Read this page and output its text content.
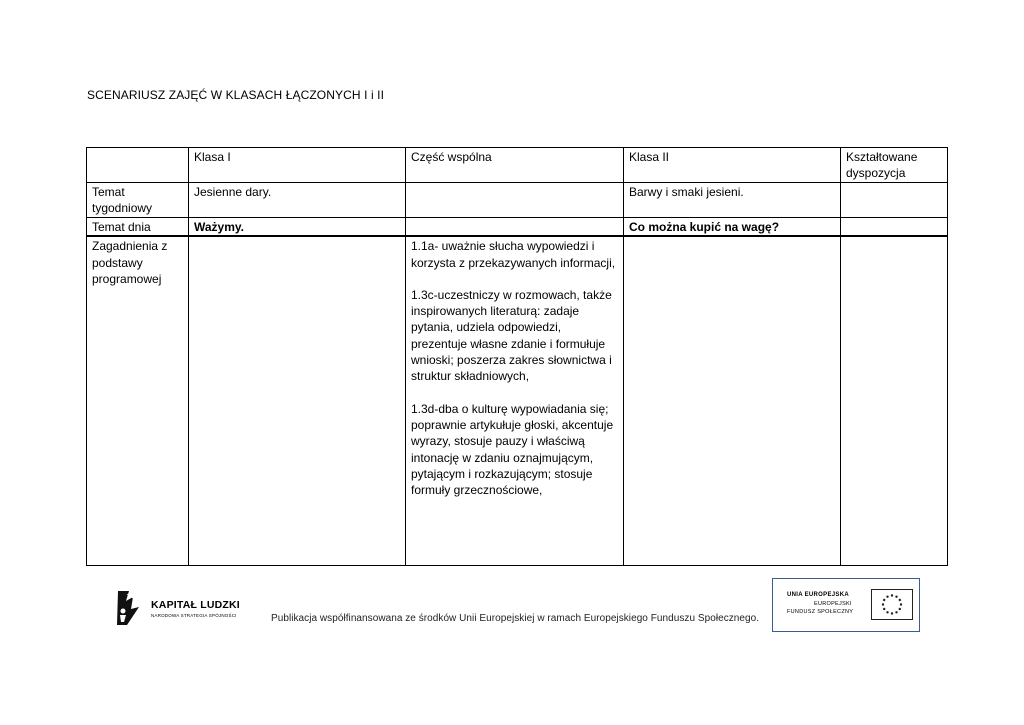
SCENARIUSZ ZAJĘĆ W KLASACH ŁĄCZONYCH I i II
	Klasa I	Część wspólna	Klasa II	Kształtowane dyspozycja
Temat tygodniowy	Jesienne dary.		Barwy i smaki jesieni.	
Temat dnia	Ważymy.		Co można kupić na wagę?	
Zagadnienia z podstawy programowej		1.1a- uważnie słucha wypowiedzi i korzysta z przekazywanych informacji,

1.3c-uczestniczy w rozmowach, także inspirowanych literaturą: zadaje pytania, udziela odpowiedzi, prezentuje własne zdanie i formułuje wnioski; poszerza zakres słownictwa i struktur składniowych,

1.3d-dba o kulturę wypowiadania się; poprawnie artykułuje głoski, akcentuje wyrazy, stosuje pauzy i właściwą intonację w zdaniu oznajmującym, pytającym i rozkazującym; stosuje formuły grzecznościowe,		

KAPITAŁ LUDZKI
NARODOWA STRATEGIA SPÓJNOŚCI	Publikacja współfinansowana ze środków Unii Europejskiej w ramach Europejskiego Funduszu Społecznego.
UNIA EUROPEJSKA
EUROPEJSKI
FUNDUSZ SPOŁECZNY
